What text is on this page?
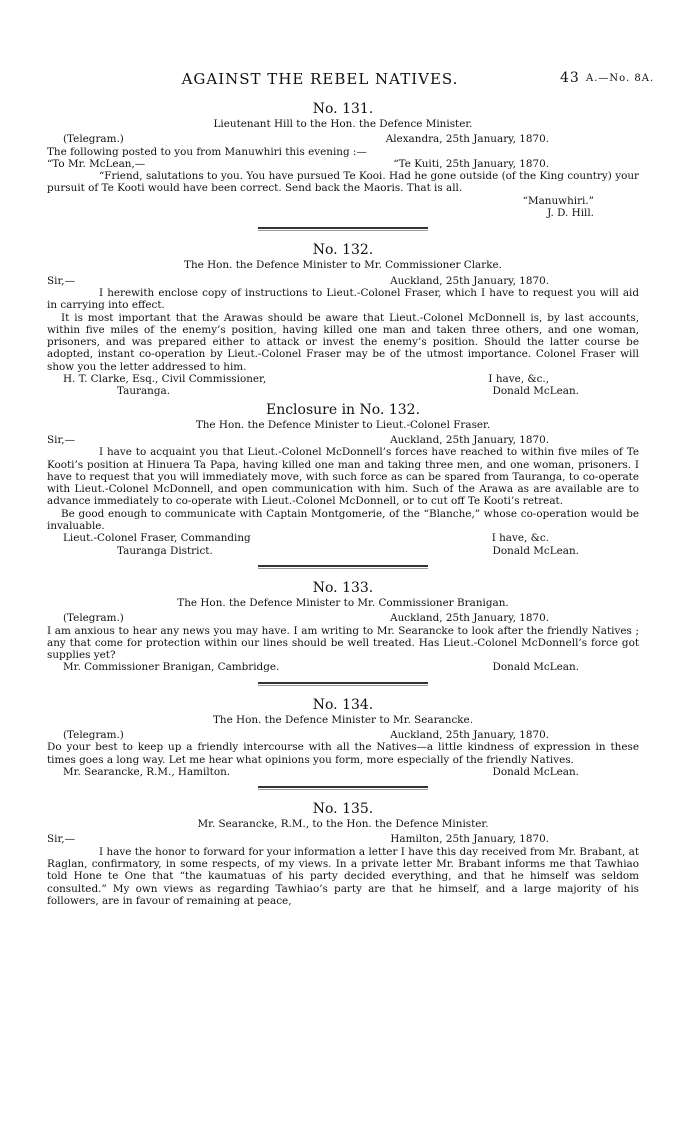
AGAINST THE REBEL NATIVES.	43 A.—No. 8A.
No. 131.
Lieutenant Hill to the Hon. the Defence Minister.
(Telegram.)	Alexandra, 25th January, 1870.
The following posted to you from Manuwhiri this evening :—
“To Mr. McLean,—	“Te Kuiti, 25th January, 1870.

“Friend, salutations to you. You have pursued Te Kooi. Had he gone outside (of the King country) your pursuit of Te Kooti would have been correct. Send back the Maoris. That is all.

“Manuwhiri.”
J. D. Hill.
No. 132.
The Hon. the Defence Minister to Mr. Commissioner Clarke.
Sir,—	Auckland, 25th January, 1870.

I herewith enclose copy of instructions to Lieut.-Colonel Fraser, which I have to request you will aid in carrying into effect.

It is most important that the Arawas should be aware that Lieut.-Colonel McDonnell is, by last accounts, within five miles of the enemy’s position, having killed one man and taken three others, and one woman, prisoners, and was prepared either to attack or invest the enemy’s position. Should the latter course be adopted, instant co-operation by Lieut.-Colonel Fraser may be of the utmost importance. Colonel Fraser will show you the letter addressed to him.

H. T. Clarke, Esq., Civil Commissioner,	I have, &c.,
Tauranga.	Donald McLean.
Enclosure in No. 132.
The Hon. the Defence Minister to Lieut.-Colonel Fraser.
Sir,—	Auckland, 25th January, 1870.

I have to acquaint you that Lieut.-Colonel McDonnell’s forces have reached to within five miles of Te Kooti’s position at Hinuera Ta Papa, having killed one man and taking three men, and one woman, prisoners. I have to request that you will immediately move, with such force as can be spared from Tauranga, to co-operate with Lieut.-Colonel McDonnell, and open communication with him. Such of the Arawa as are available are to advance immediately to co-operate with Lieut.-Colonel McDonnell, or to cut off Te Kooti’s retreat.

Be good enough to communicate with Captain Montgomerie, of the “Blanche,” whose co-operation would be invaluable.

Lieut.-Colonel Fraser, Commanding	I have, &c.
Tauranga District.	Donald McLean.
No. 133.
The Hon. the Defence Minister to Mr. Commissioner Branigan.
(Telegram.)	Auckland, 25th January, 1870.

I am anxious to hear any news you may have. I am writing to Mr. Searancke to look after the friendly Natives ; any that come for protection within our lines should be well treated. Has Lieut.-Colonel McDonnell’s force got supplies yet?

Mr. Commissioner Branigan, Cambridge.	Donald McLean.
No. 134.
The Hon. the Defence Minister to Mr. Searancke.
(Telegram.)	Auckland, 25th January, 1870.

Do your best to keep up a friendly intercourse with all the Natives—a little kindness of expression in these times goes a long way. Let me hear what opinions you form, more especially of the friendly Natives.

Mr. Searancke, R.M., Hamilton.	Donald McLean.
No. 135.
Mr. Searancke, R.M., to the Hon. the Defence Minister.
Sir,—	Hamilton, 25th January, 1870.

I have the honor to forward for your information a letter I have this day received from Mr. Brabant, at Raglan, confirmatory, in some respects, of my views. In a private letter Mr. Brabant informs me that Tawhiao told Hone te One that “the kaumatuas of his party decided everything, and that he himself was seldom consulted.” My own views as regarding Tawhiao’s party are that he himself, and a large majority of his followers, are in favour of remaining at peace,
